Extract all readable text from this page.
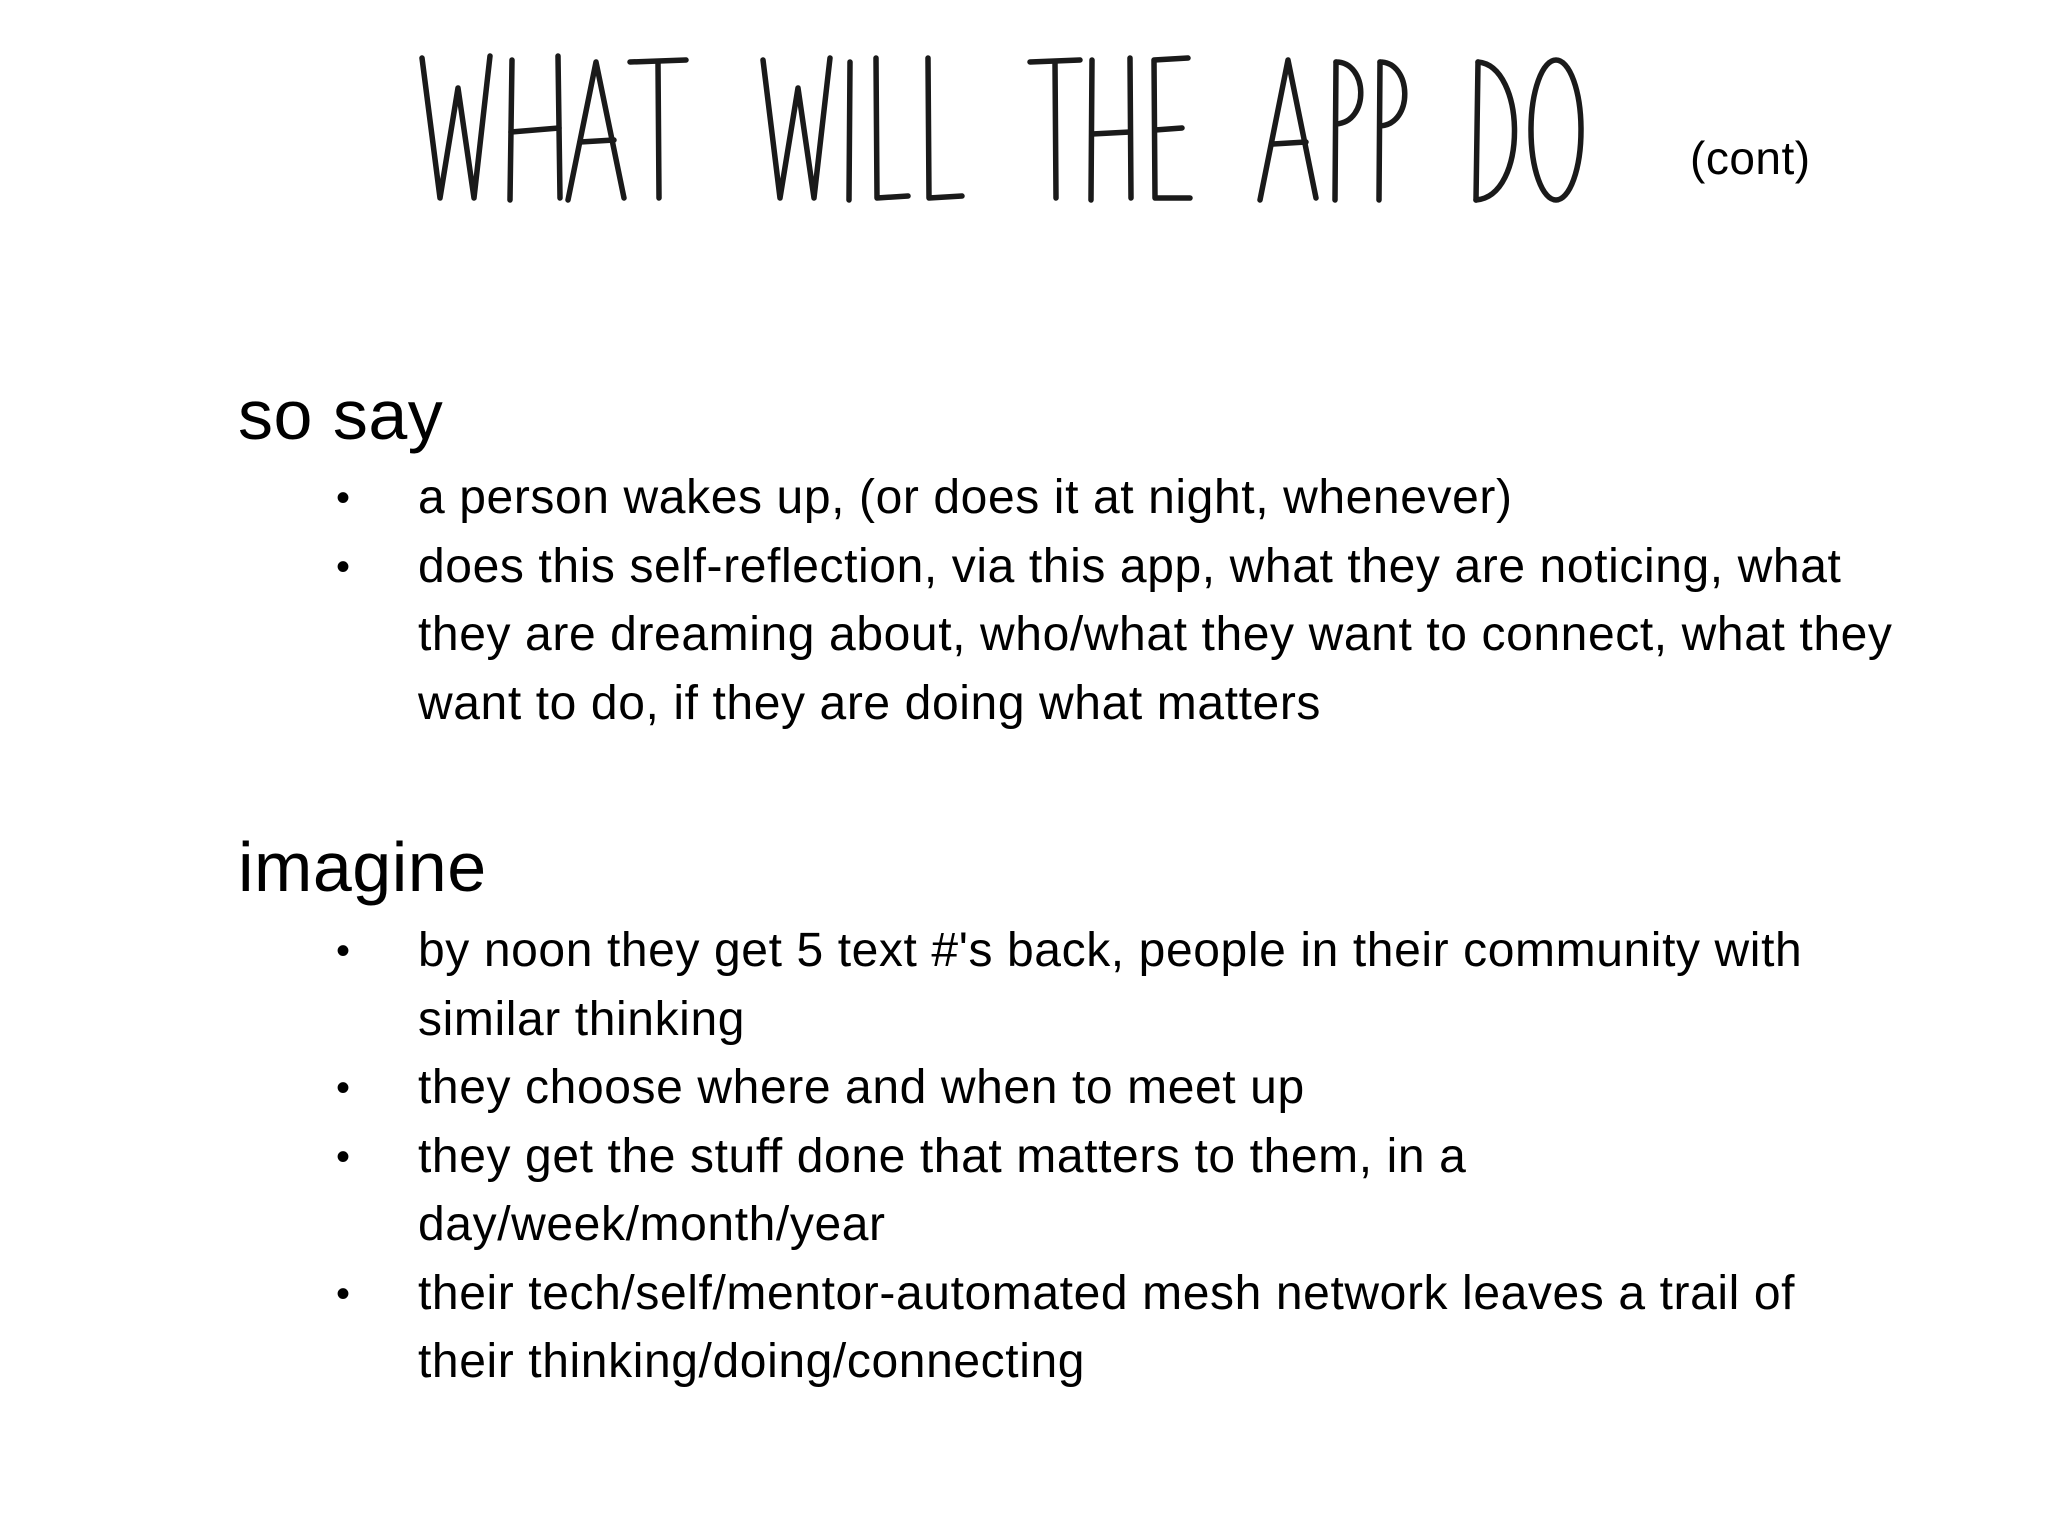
(cont)
so say
•	a person wakes up, (or does it at night, whenever)
•	does this self-reflection, via this app, what they are noticing, what
they are dreaming about, who/what they want to connect, what they
want to do, if they are doing what matters
imagine
•	by noon they get 5 text #'s back, people in their community with
similar thinking
•	they choose where and when to meet up
•	they get the stuff done that matters to them, in a
day/week/month/year
•	their tech/self/mentor-automated mesh network leaves a trail of
their thinking/doing/connecting
